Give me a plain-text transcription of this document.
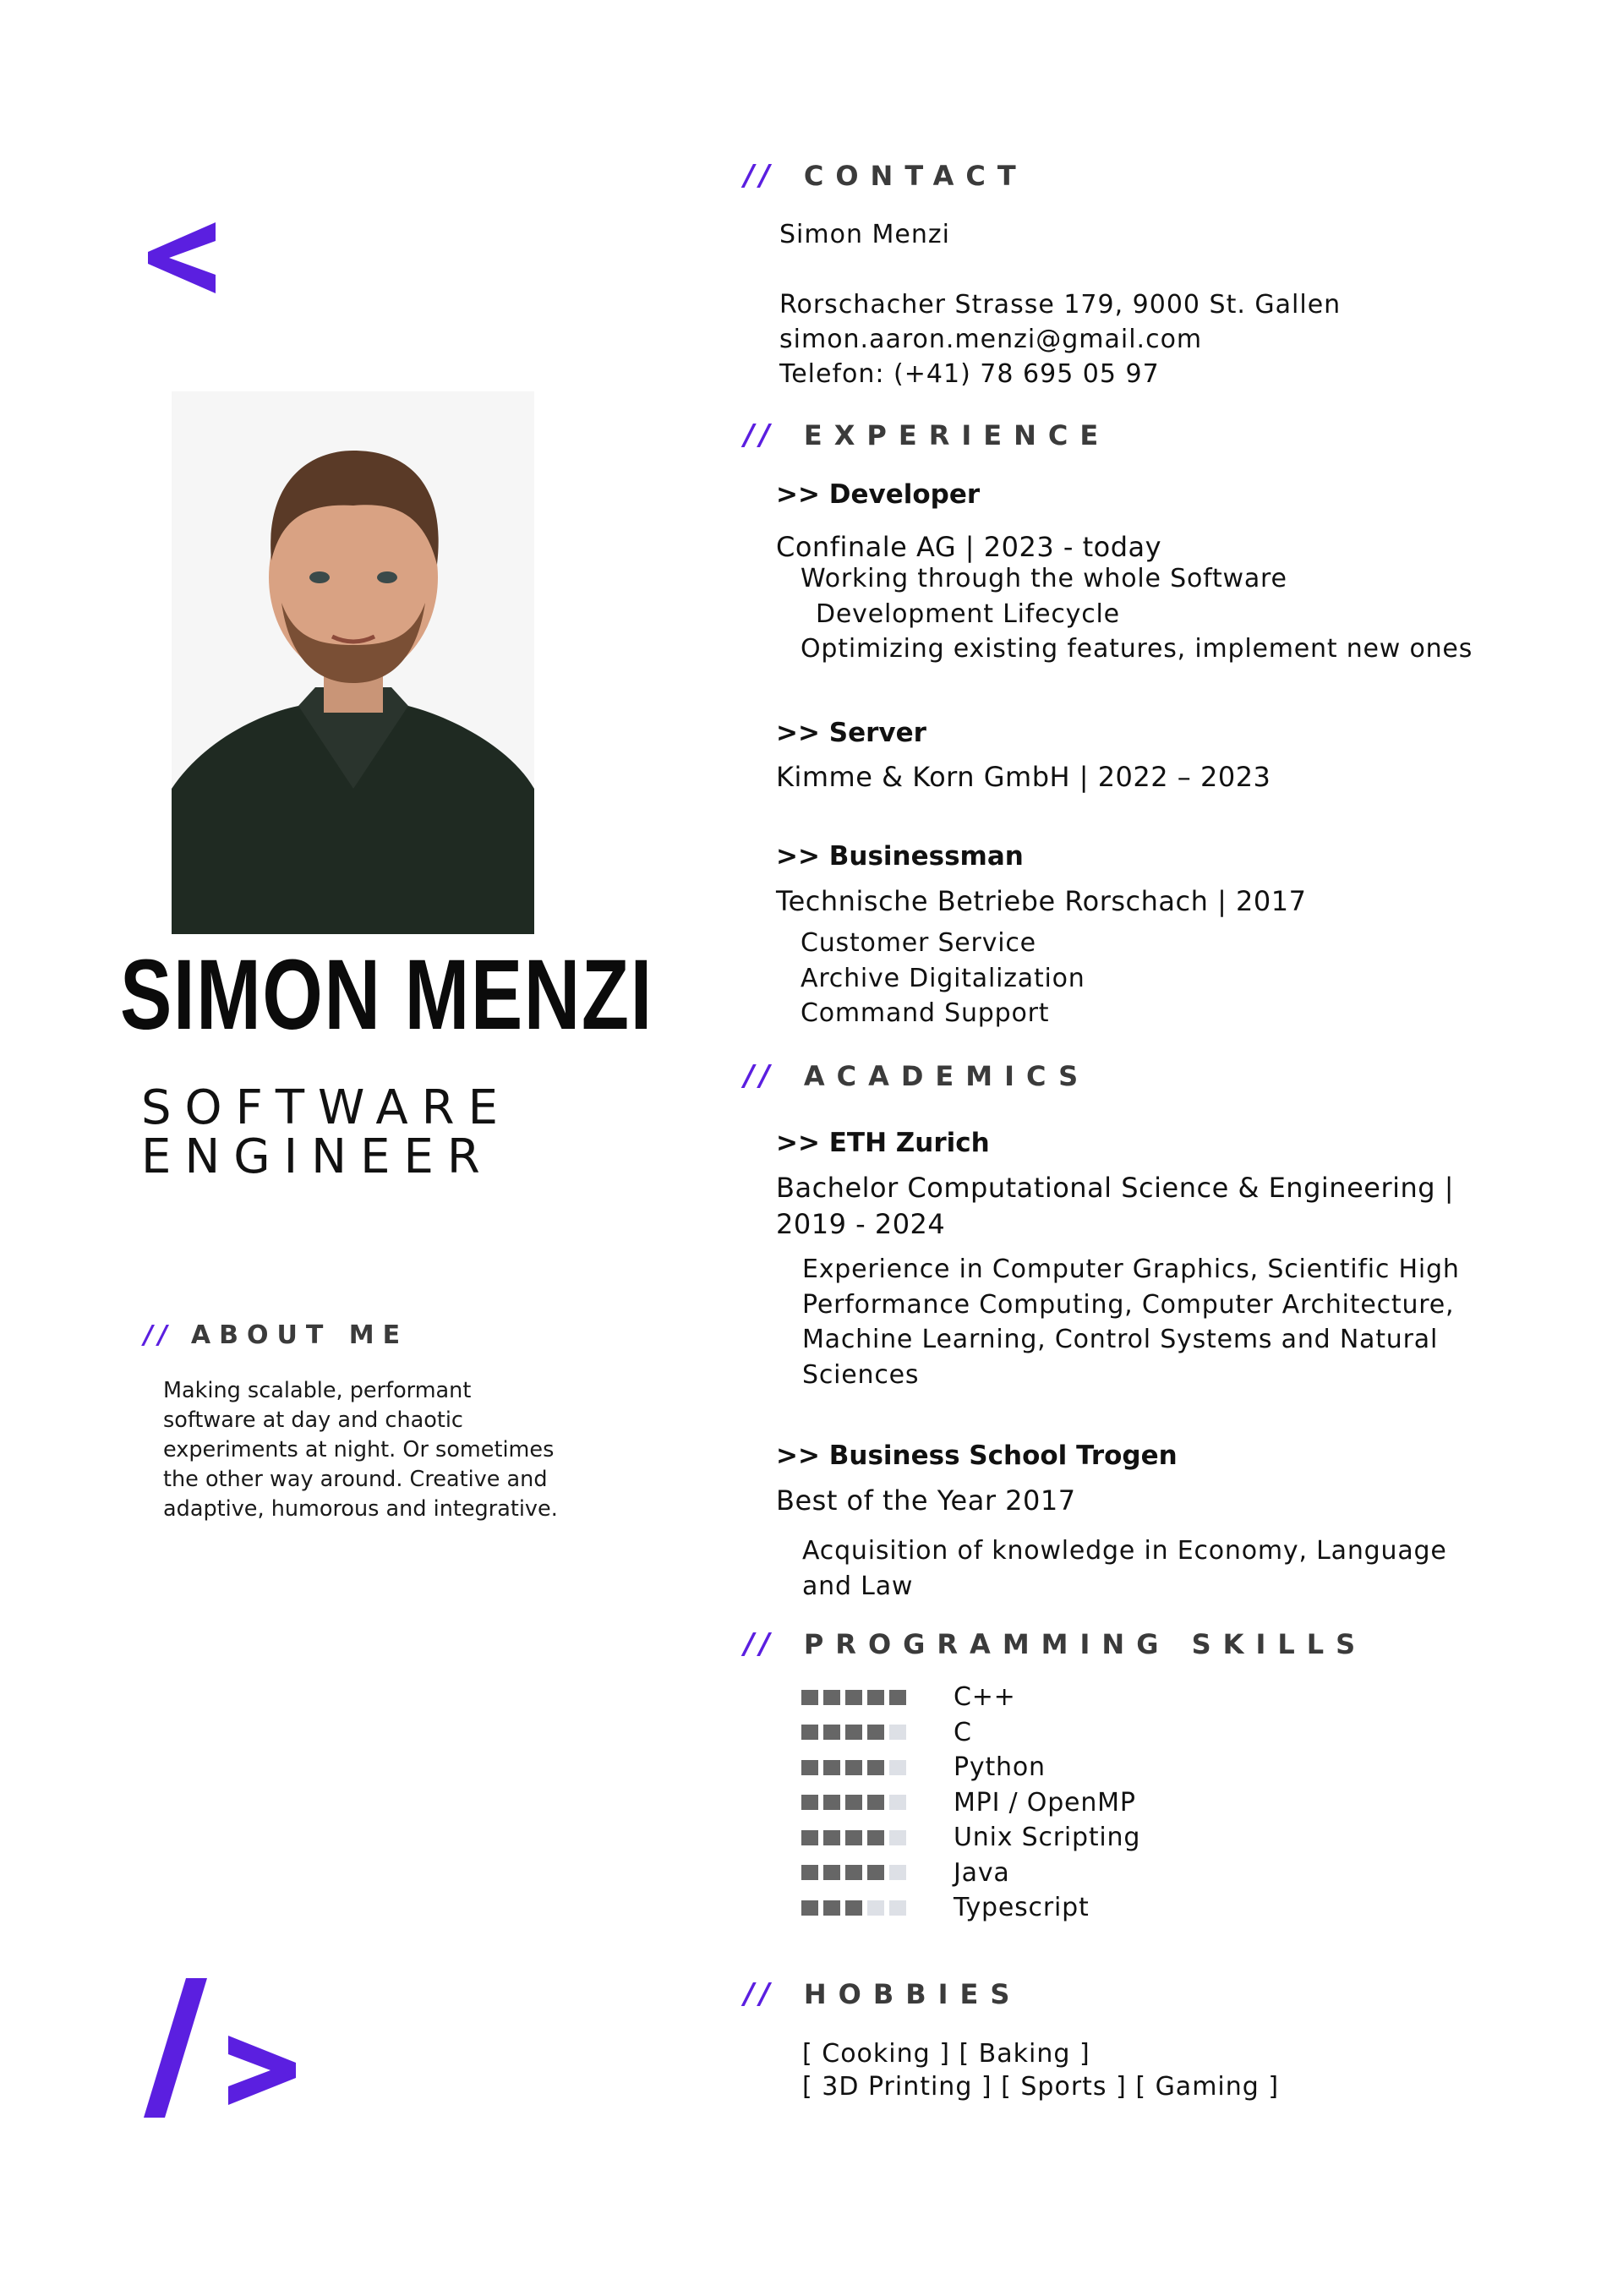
SIMON MENZI
SOFTWARE
ENGINEER
// ABOUT ME
Making scalable, performant software at day and chaotic experiments at night. Or sometimes the other way around. Creative and adaptive, humorous and integrative.
// CONTACT
Simon Menzi
Rorschacher Strasse 179, 9000 St. Gallen
simon.aaron.menzi@gmail.com
Telefon: (+41) 78 695 05 97
// EXPERIENCE
>> Developer
Confinale AG | 2023 - today
Working through the whole Software
Development Lifecycle
Optimizing existing features, implement new ones
>> Server
Kimme & Korn GmbH | 2022 – 2023
>> Businessman
Technische Betriebe Rorschach | 2017
Customer Service
Archive Digitalization
Command Support
// ACADEMICS
>> ETH Zurich
Bachelor Computational Science & Engineering |
2019 - 2024
Experience in Computer Graphics, Scientific High
Performance Computing, Computer Architecture,
Machine Learning, Control Systems and Natural
Sciences
>> Business School Trogen
Best of the Year 2017
Acquisition of knowledge in Economy, Language
and Law
// PROGRAMMING SKILLS
C++
C
Python
MPI / OpenMP
Unix Scripting
Java
Typescript
// HOBBIES
[ Cooking ] [ Baking ]
[ 3D Printing ] [ Sports ] [ Gaming ]
